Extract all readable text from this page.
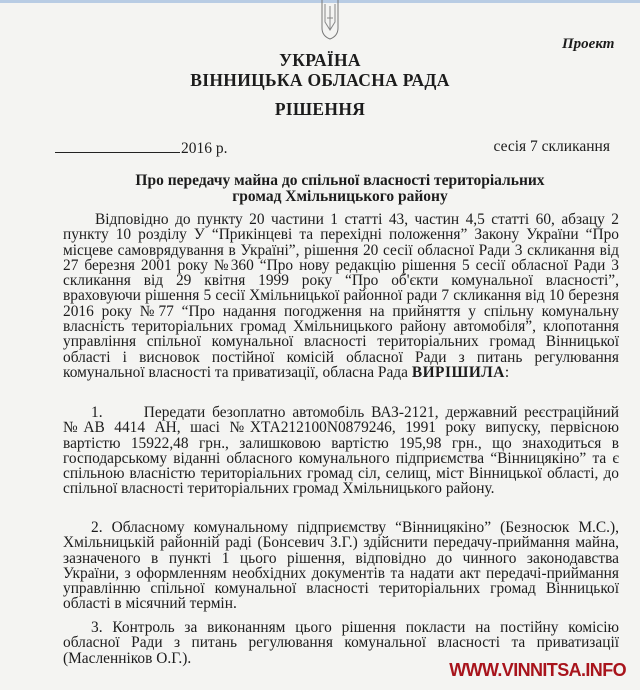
Проект
УКРАЇНА
ВІННИЦЬКА ОБЛАСНА РАДА
РІШЕННЯ
2016 р.	сесія 7 скликання
Про передачу майна до спільної власності територіальних
громад Хмільницького району
Відповідно до пункту 20 частини 1 статті 43, частин 4,5 статті 60, абзацу 2 пункту 10 розділу У “Прикінцеві та перехідні положення” Закону України “Про місцеве самоврядування в Україні”, рішення 20 сесії обласної Ради 3 скликання від 27 березня 2001 року №360 “Про нову редакцію рішення 5 сесії обласної Ради 3 скликання від 29 квітня 1999 року “Про об'єкти комунальної власності”, враховуючи рішення 5 сесії Хмільницької районної ради 7 скликання від 10 березня 2016 року №77 “Про надання погодження на прийняття у спільну комунальну власність територіальних громад Хмільницького району автомобіля”, клопотання управління спільної комунальної власності територіальних громад Вінницької області і висновок постійної комісій обласної Ради з питань регулювання комунальної власності та приватизації, обласна Рада ВИРІШИЛА:
1.      Передати безоплатно автомобіль ВАЗ-2121, державний реєстраційний №АВ 4414 АН, шасі №ХТА212100N0879246, 1991 року випуску, первісною вартістю 15922,48 грн., залишковою вартістю 195,98 грн., що знаходиться в господарському віданні обласного комунального підприємства “Вінницякіно” та є спільною власністю територіальних громад сіл, селищ, міст Вінницької області, до спільної власності територіальних громад Хмільницького району.
2. Обласному комунальному підприємству “Вінницякіно” (Безносюк М.С.), Хмільницькій районній раді (Бонсевич З.Г.) здійснити передачу-приймання майна, зазначеного в пункті 1 цього рішення, відповідно до чинного законодавства України, з оформленням необхідних документів та надати акт передачі-приймання управлінню спільної комунальної власності територіальних громад Вінницької області в місячний термін.
3. Контроль за виконанням цього рішення покласти на постійну комісію обласної Ради з питань регулювання комунальної власності та приватизації (Масленніков О.Г.).
WWW.VINNITSA.INFO
